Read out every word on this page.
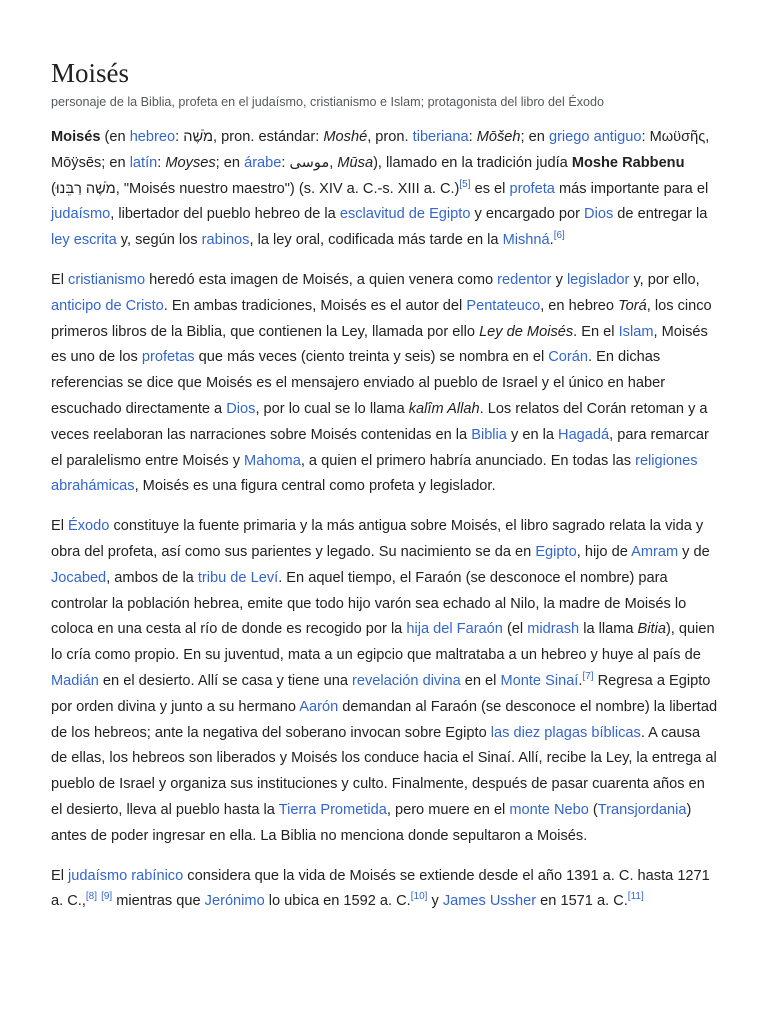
Moisés
personaje de la Biblia, profeta en el judaísmo, cristianismo e Islam; protagonista del libro del Éxodo

Moisés (en hebreo: מֹשֶׁה, pron. estándar: Moshé, pron. tiberiana: Mōšeh; en griego antiguo: Μωϋσῆς, Mōÿsēs; en latín: Moyses; en árabe: موسى, Mūsa), llamado en la tradición judía Moshe Rabbenu (מֹשֶׁה רַבֵּנוּ, "Moisés nuestro maestro") (s. XIV a. C.-s. XIII a. C.)[5] es el profeta más importante para el judaísmo, libertador del pueblo hebreo de la esclavitud de Egipto y encargado por Dios de entregar la ley escrita y, según los rabinos, la ley oral, codificada más tarde en la Mishná.[6]

El cristianismo heredó esta imagen de Moisés, a quien venera como redentor y legislador y, por ello, anticipo de Cristo. En ambas tradiciones, Moisés es el autor del Pentateuco, en hebreo Torá, los cinco primeros libros de la Biblia, que contienen la Ley, llamada por ello Ley de Moisés. En el Islam, Moisés es uno de los profetas que más veces (ciento treinta y seis) se nombra en el Corán. En dichas referencias se dice que Moisés es el mensajero enviado al pueblo de Israel y el único en haber escuchado directamente a Dios, por lo cual se lo llama kalîm Allah. Los relatos del Corán retoman y a veces reelaboran las narraciones sobre Moisés contenidas en la Biblia y en la Hagadá, para remarcar el paralelismo entre Moisés y Mahoma, a quien el primero habría anunciado. En todas las religiones abrahámicas, Moisés es una figura central como profeta y legislador.

El Éxodo constituye la fuente primaria y la más antigua sobre Moisés, el libro sagrado relata la vida y obra del profeta, así como sus parientes y legado. Su nacimiento se da en Egipto, hijo de Amram y de Jocabed, ambos de la tribu de Leví. En aquel tiempo, el Faraón (se desconoce el nombre) para controlar la población hebrea, emite que todo hijo varón sea echado al Nilo, la madre de Moisés lo coloca en una cesta al río de donde es recogido por la hija del Faraón (el midrash la llama Bitia), quien lo cría como propio. En su juventud, mata a un egipcio que maltrataba a un hebreo y huye al país de Madián en el desierto. Allí se casa y tiene una revelación divina en el Monte Sinaí.[7] Regresa a Egipto por orden divina y junto a su hermano Aarón demandan al Faraón (se desconoce el nombre) la libertad de los hebreos; ante la negativa del soberano invocan sobre Egipto las diez plagas bíblicas. A causa de ellas, los hebreos son liberados y Moisés los conduce hacia el Sinaí. Allí, recibe la Ley, la entrega al pueblo de Israel y organiza sus instituciones y culto. Finalmente, después de pasar cuarenta años en el desierto, lleva al pueblo hasta la Tierra Prometida, pero muere en el monte Nebo (Transjordania) antes de poder ingresar en ella. La Biblia no menciona donde sepultaron a Moisés.

El judaísmo rabínico considera que la vida de Moisés se extiende desde el año 1391 a. C. hasta 1271 a. C.,[8] [9] mientras que Jerónimo lo ubica en 1592 a. C.[10] y James Ussher en 1571 a. C.[11]
